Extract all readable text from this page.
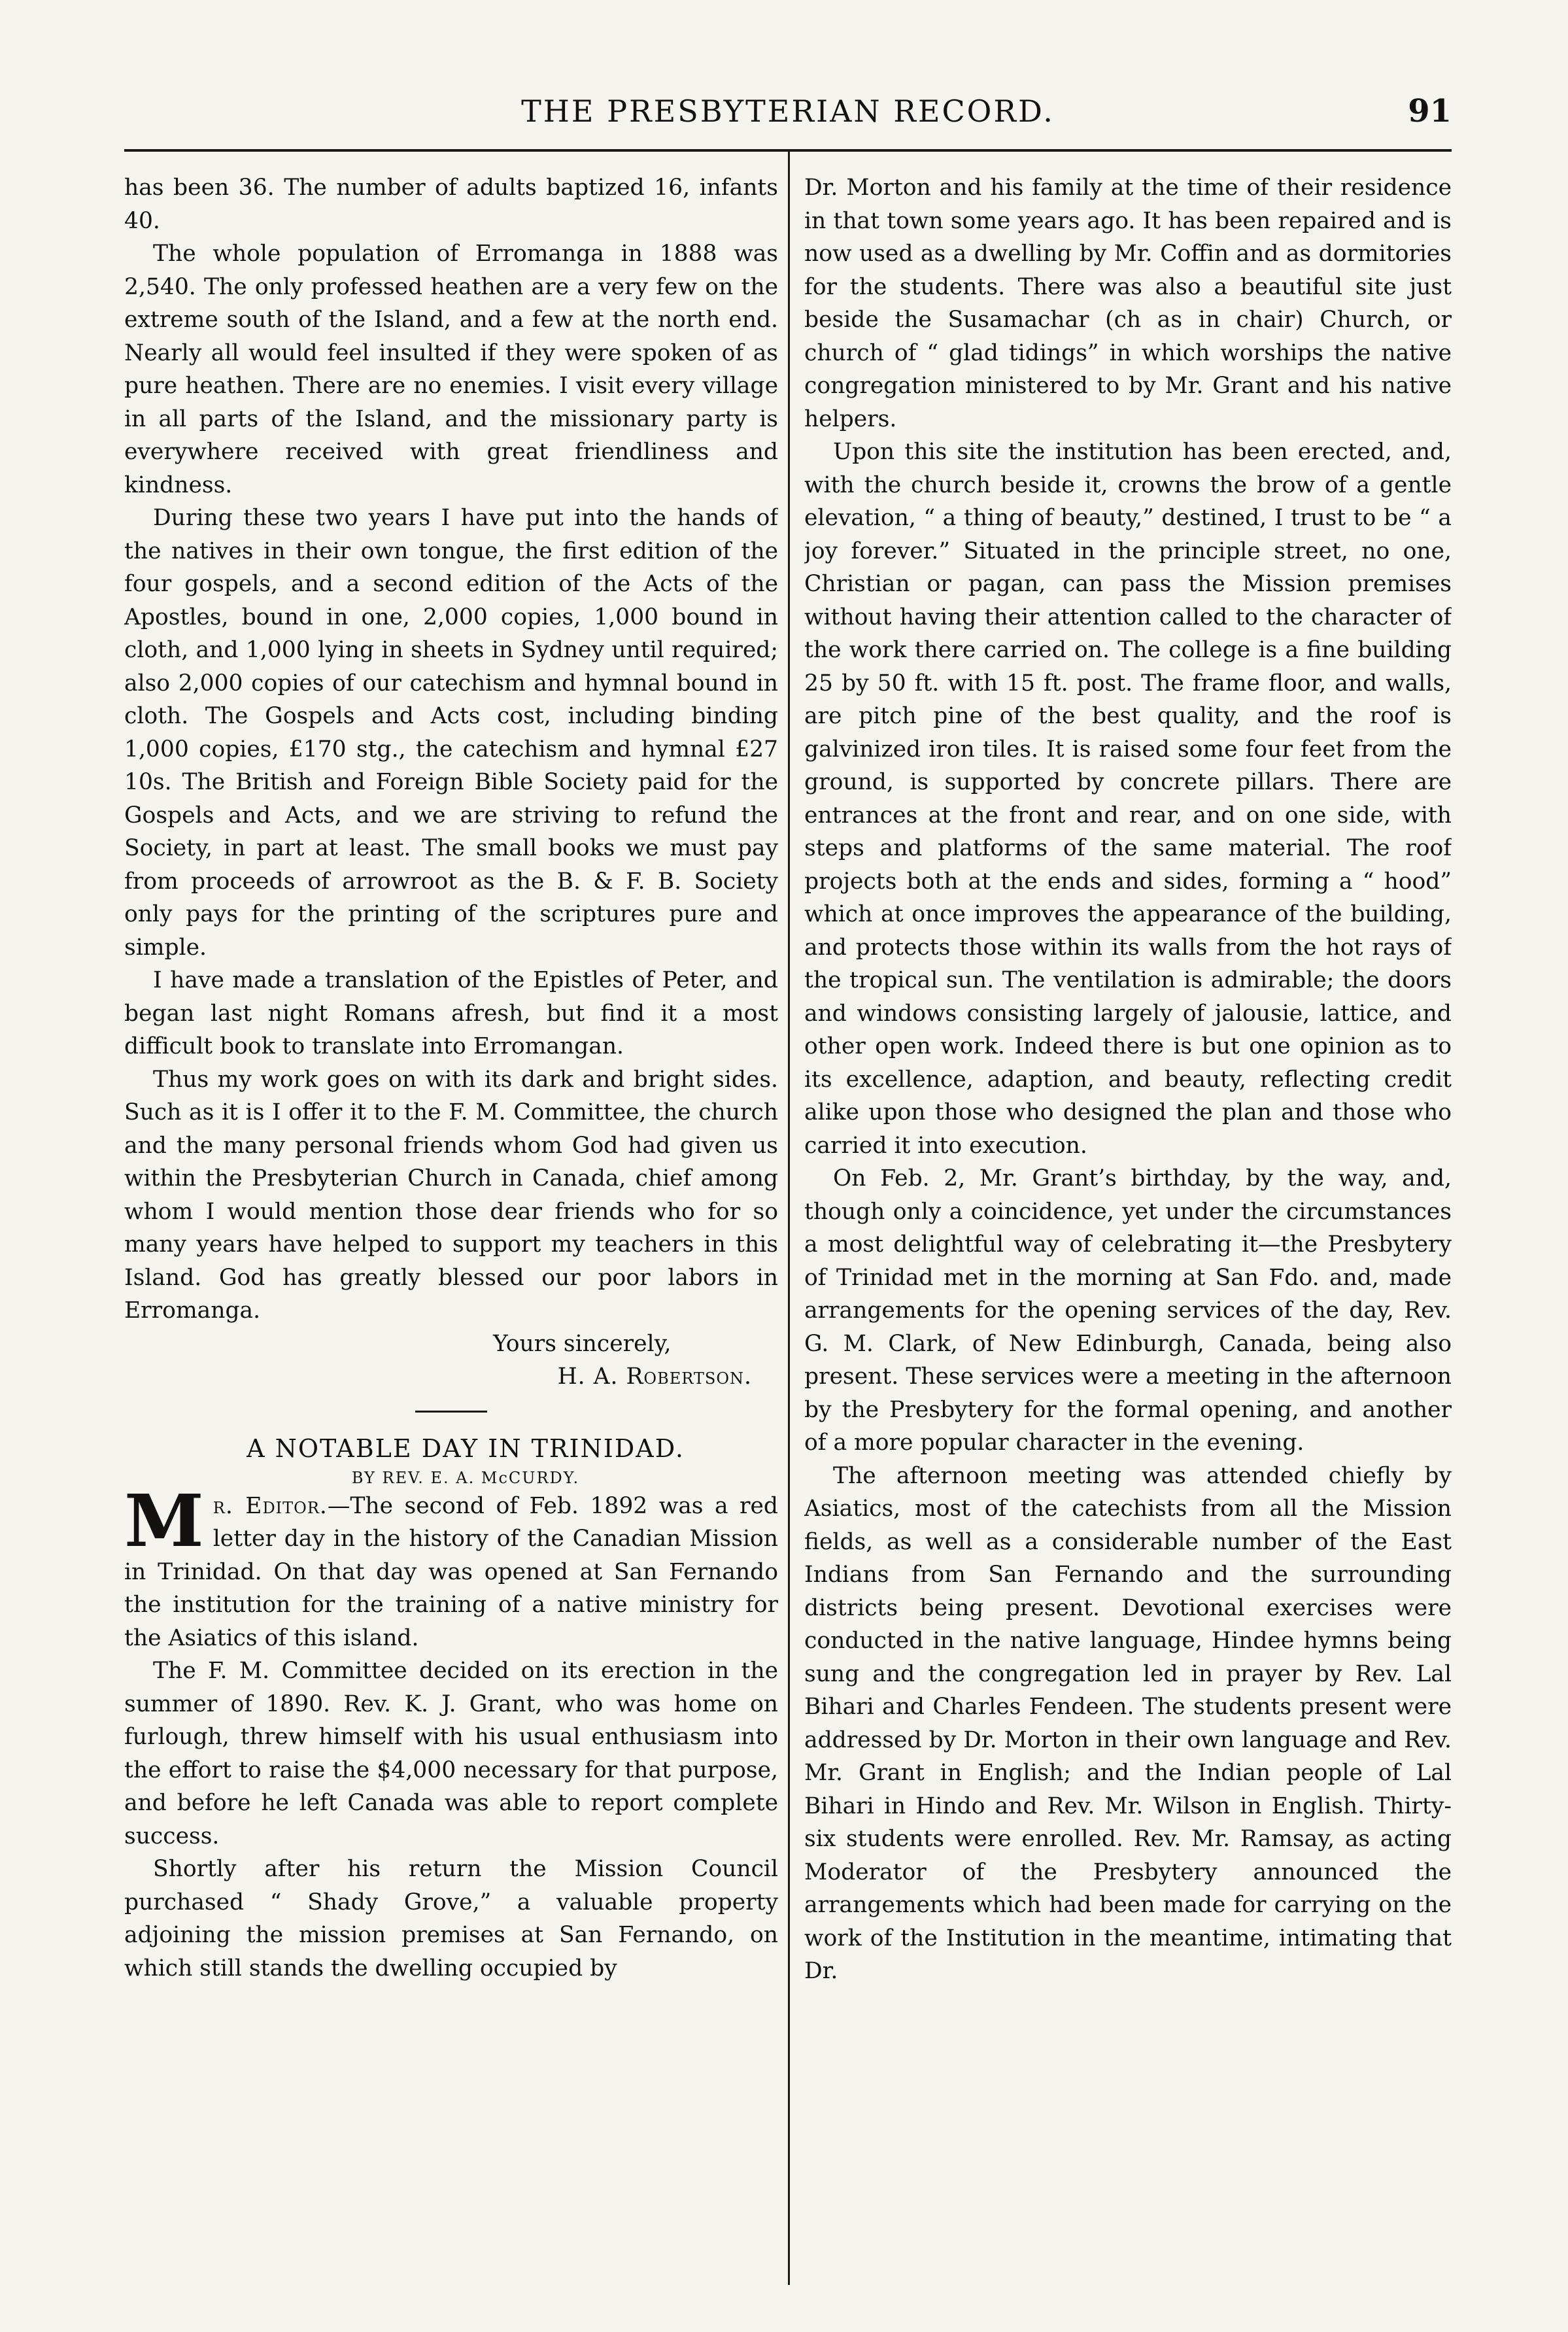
THE PRESBYTERIAN RECORD.	91

has been 36. The number of adults baptized 16, infants 40.

The whole population of Erromanga in 1888 was 2,540. The only professed heathen are a very few on the extreme south of the Island, and a few at the north end. Nearly all would feel insulted if they were spoken of as pure heathen. There are no enemies. I visit every village in all parts of the Island, and the missionary party is everywhere received with great friendliness and kindness.

During these two years I have put into the hands of the natives in their own tongue, the first edition of the four gospels, and a second edition of the Acts of the Apostles, bound in one, 2,000 copies, 1,000 bound in cloth, and 1,000 lying in sheets in Sydney until required; also 2,000 copies of our catechism and hymnal bound in cloth. The Gospels and Acts cost, including binding 1,000 copies, £170 stg., the catechism and hymnal £27 10s. The British and Foreign Bible Society paid for the Gospels and Acts, and we are striving to refund the Society, in part at least. The small books we must pay from proceeds of arrowroot as the B. & F. B. Society only pays for the printing of the scriptures pure and simple.

I have made a translation of the Epistles of Peter, and began last night Romans afresh, but find it a most difficult book to translate into Erromangan.

Thus my work goes on with its dark and bright sides. Such as it is I offer it to the F. M. Committee, the church and the many personal friends whom God had given us within the Presbyterian Church in Canada, chief among whom I would mention those dear friends who for so many years have helped to support my teachers in this Island. God has greatly blessed our poor labors in Erromanga.

Yours sincerely,

H. A. Robertson.

A NOTABLE DAY IN TRINIDAD.

BY REV. E. A. McCURDY.

Mr. Editor.—The second of Feb. 1892 was a red letter day in the history of the Canadian Mission in Trinidad. On that day was opened at San Fernando the institution for the training of a native ministry for the Asiatics of this island.

The F. M. Committee decided on its erection in the summer of 1890. Rev. K. J. Grant, who was home on furlough, threw himself with his usual enthusiasm into the effort to raise the $4,000 necessary for that purpose, and before he left Canada was able to report complete success.

Shortly after his return the Mission Council purchased “ Shady Grove,” a valuable property adjoining the mission premises at San Fernando, on which still stands the dwelling occupied by

Dr. Morton and his family at the time of their residence in that town some years ago. It has been repaired and is now used as a dwelling by Mr. Coffin and as dormitories for the students. There was also a beautiful site just beside the Susamachar (ch as in chair) Church, or church of “ glad tidings” in which worships the native congregation ministered to by Mr. Grant and his native helpers.

Upon this site the institution has been erected, and, with the church beside it, crowns the brow of a gentle elevation, “ a thing of beauty,” destined, I trust to be “ a joy forever.” Situated in the principle street, no one, Christian or pagan, can pass the Mission premises without having their attention called to the character of the work there carried on. The college is a fine building 25 by 50 ft. with 15 ft. post. The frame floor, and walls, are pitch pine of the best quality, and the roof is galvinized iron tiles. It is raised some four feet from the ground, is supported by concrete pillars. There are entrances at the front and rear, and on one side, with steps and platforms of the same material. The roof projects both at the ends and sides, forming a “ hood” which at once improves the appearance of the building, and protects those within its walls from the hot rays of the tropical sun. The ventilation is admirable; the doors and windows consisting largely of jalousie, lattice, and other open work. Indeed there is but one opinion as to its excellence, adaption, and beauty, reflecting credit alike upon those who designed the plan and those who carried it into execution.

On Feb. 2, Mr. Grant’s birthday, by the way, and, though only a coincidence, yet under the circumstances a most delightful way of celebrating it—the Presbytery of Trinidad met in the morning at San Fdo. and, made arrangements for the opening services of the day, Rev. G. M. Clark, of New Edinburgh, Canada, being also present. These services were a meeting in the afternoon by the Presbytery for the formal opening, and another of a more popular character in the evening.

The afternoon meeting was attended chiefly by Asiatics, most of the catechists from all the Mission fields, as well as a considerable number of the East Indians from San Fernando and the surrounding districts being present. Devotional exercises were conducted in the native language, Hindee hymns being sung and the congregation led in prayer by Rev. Lal Bihari and Charles Fendeen. The students present were addressed by Dr. Morton in their own language and Rev. Mr. Grant in English; and the Indian people of Lal Bihari in Hindo and Rev. Mr. Wilson in English. Thirty-six students were enrolled. Rev. Mr. Ramsay, as acting Moderator of the Presbytery announced the arrangements which had been made for carrying on the work of the Institution in the meantime, intimating that Dr.
